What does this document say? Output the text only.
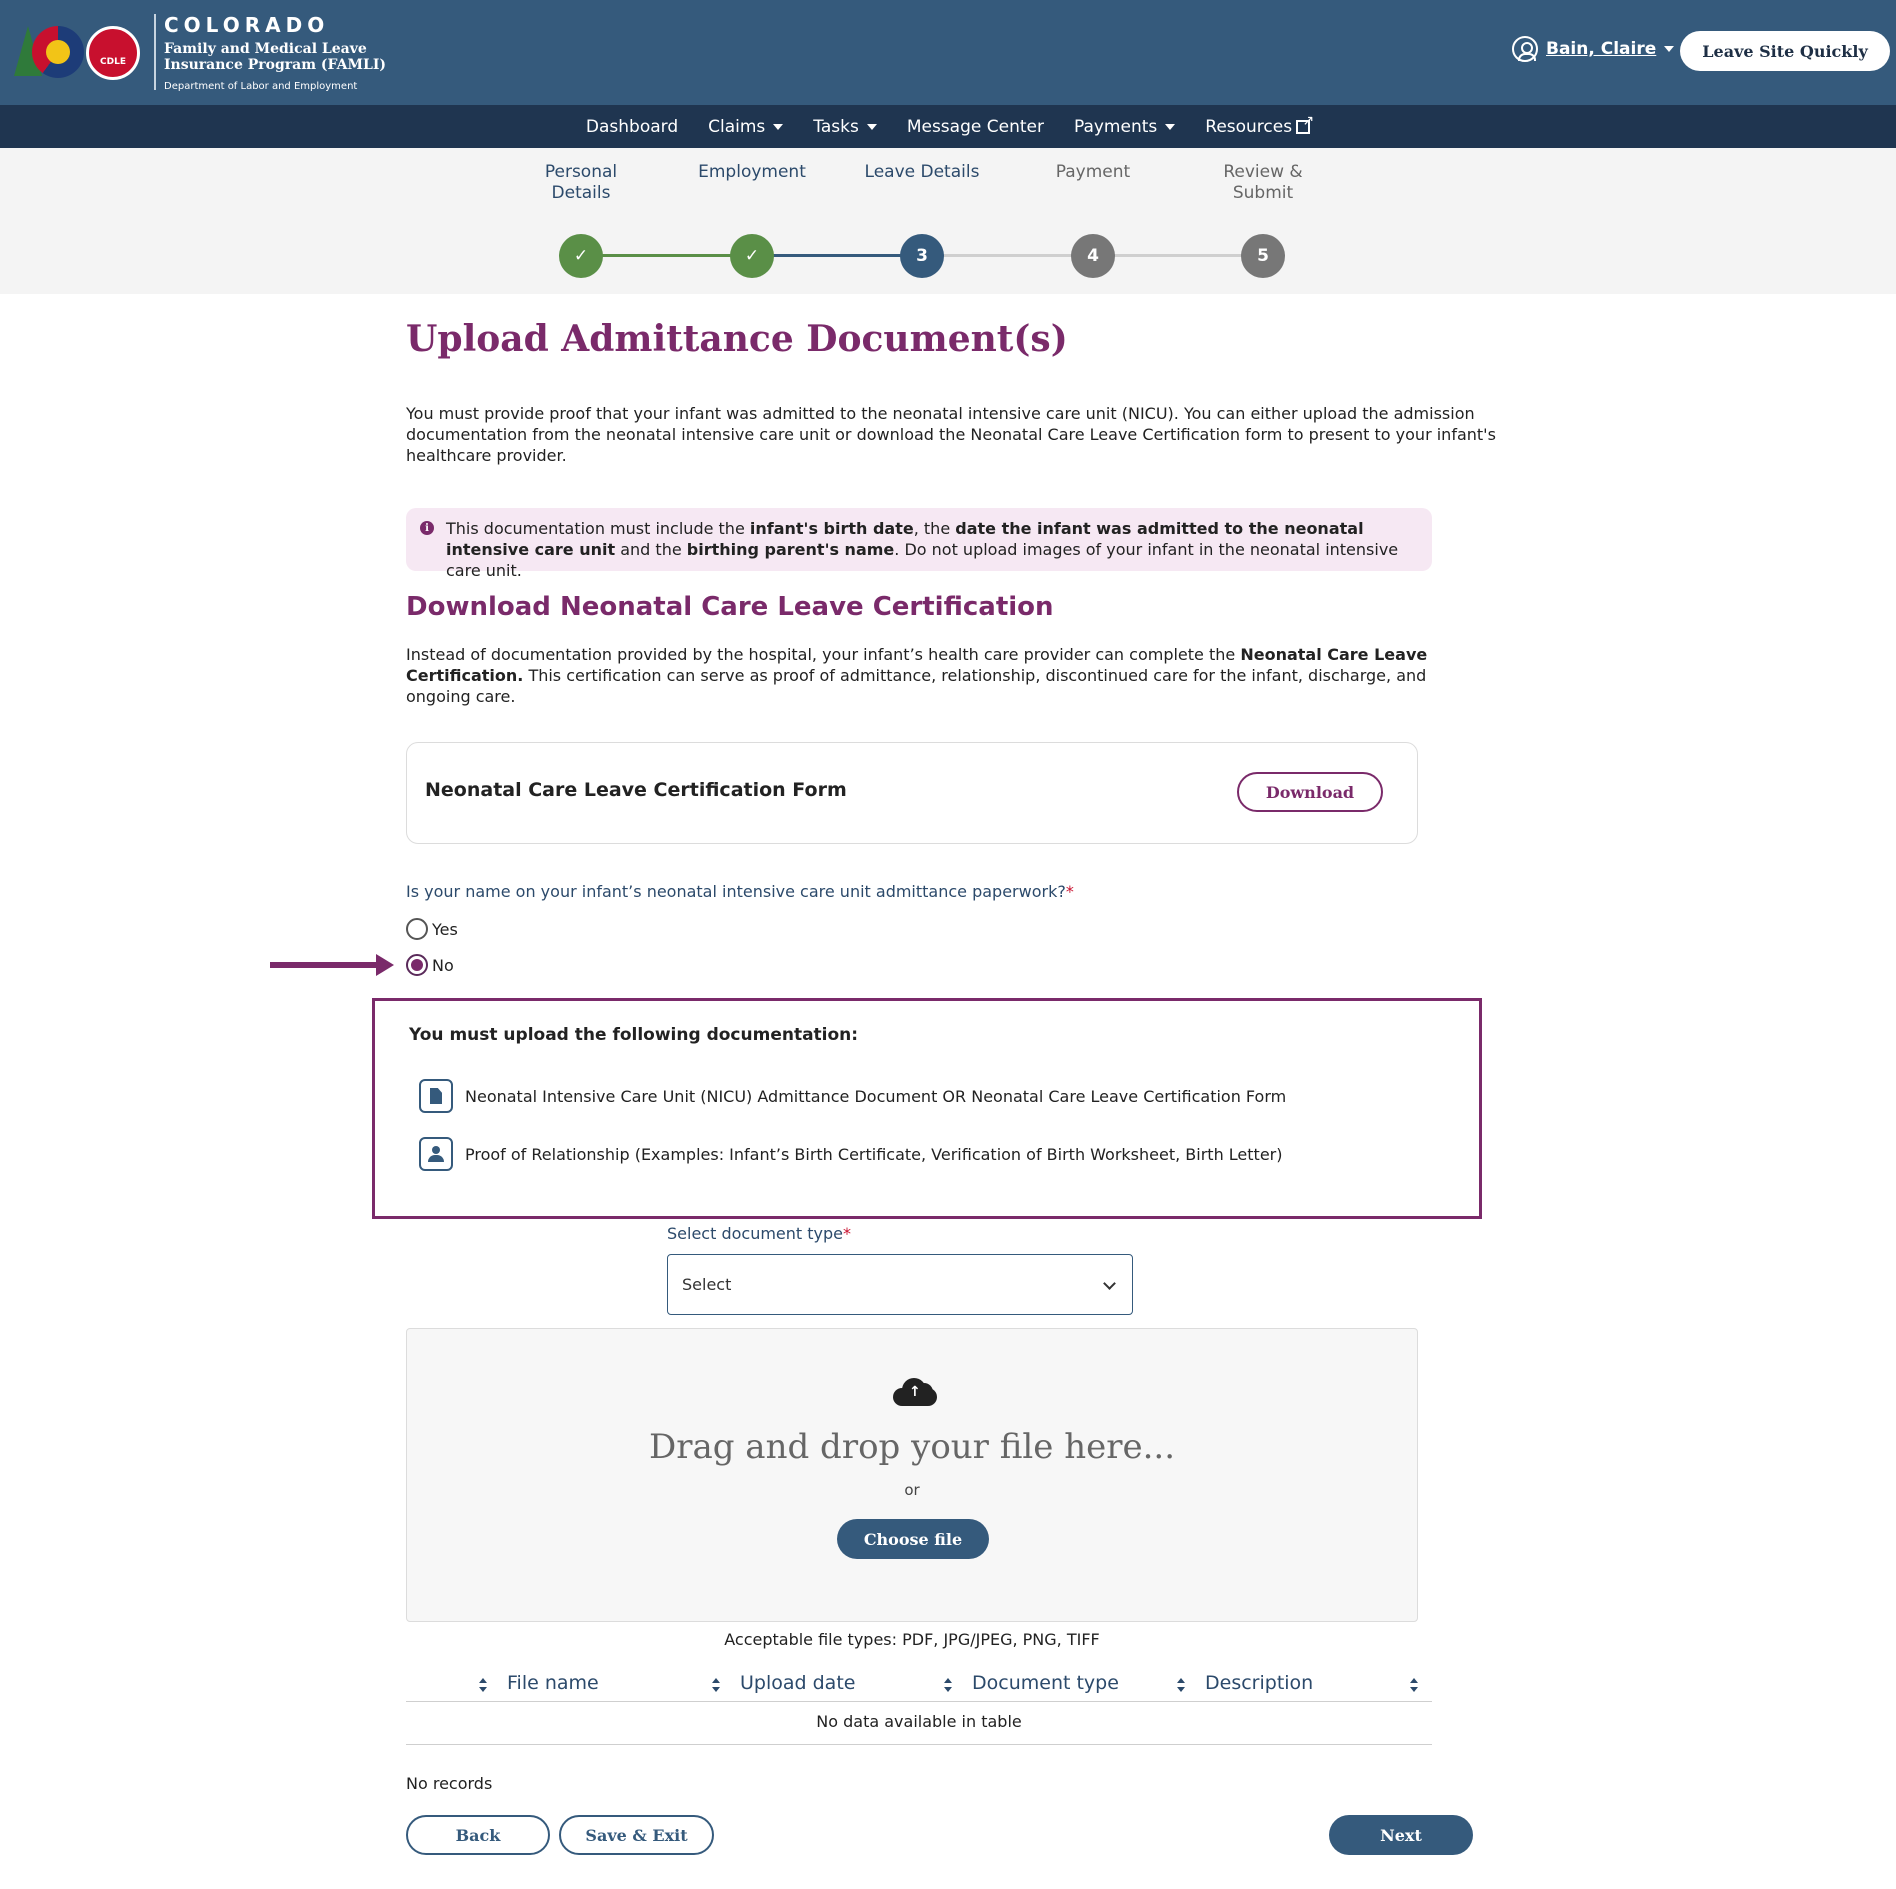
CDLE
COLORADO
Family and Medical Leave
Insurance Program (FAMLI)
Department of Labor and Employment
Bain, Claire	Leave Site Quickly
Dashboard Claims	Tasks	Message Center Payments	Resources
↗
Personal
Details
Employment	Leave Details	Payment	Review &
Submit
✓	✓	3	4	5
Upload Admittance Document(s)

You must provide proof that your infant was admitted to the neonatal intensive care unit (NICU). You can either upload the admission documentation from the neonatal intensive care unit or download the Neonatal Care Leave Certification form to present to your infant's healthcare provider.

i	This documentation must include the infant's birth date, the date the infant was admitted to the neonatal intensive care unit and the birthing parent's name. Do not upload images of your infant in the neonatal intensive care unit.
Download Neonatal Care Leave Certification

Instead of documentation provided by the hospital, your infant’s health care provider can complete the Neonatal Care Leave Certification. This certification can serve as proof of admittance, relationship, discontinued care for the infant, discharge, and ongoing care.

Neonatal Care Leave Certification Form	Download
Is your name on your infant’s neonatal intensive care unit admittance paperwork?*
Yes
No
You must upload the following documentation:
Neonatal Intensive Care Unit (NICU) Admittance Document OR Neonatal Care Leave Certification Form
Proof of Relationship (Examples: Infant’s Birth Certificate, Verification of Birth Worksheet, Birth Letter)
Select document type*
Select
↑
Drag and drop your file here...
or
Choose file
Acceptable file types: PDF, JPG/JPEG, PNG, TIFF
File name	Upload date	Document type	Description
No data available in table
No records
Back	Save & Exit	Next
